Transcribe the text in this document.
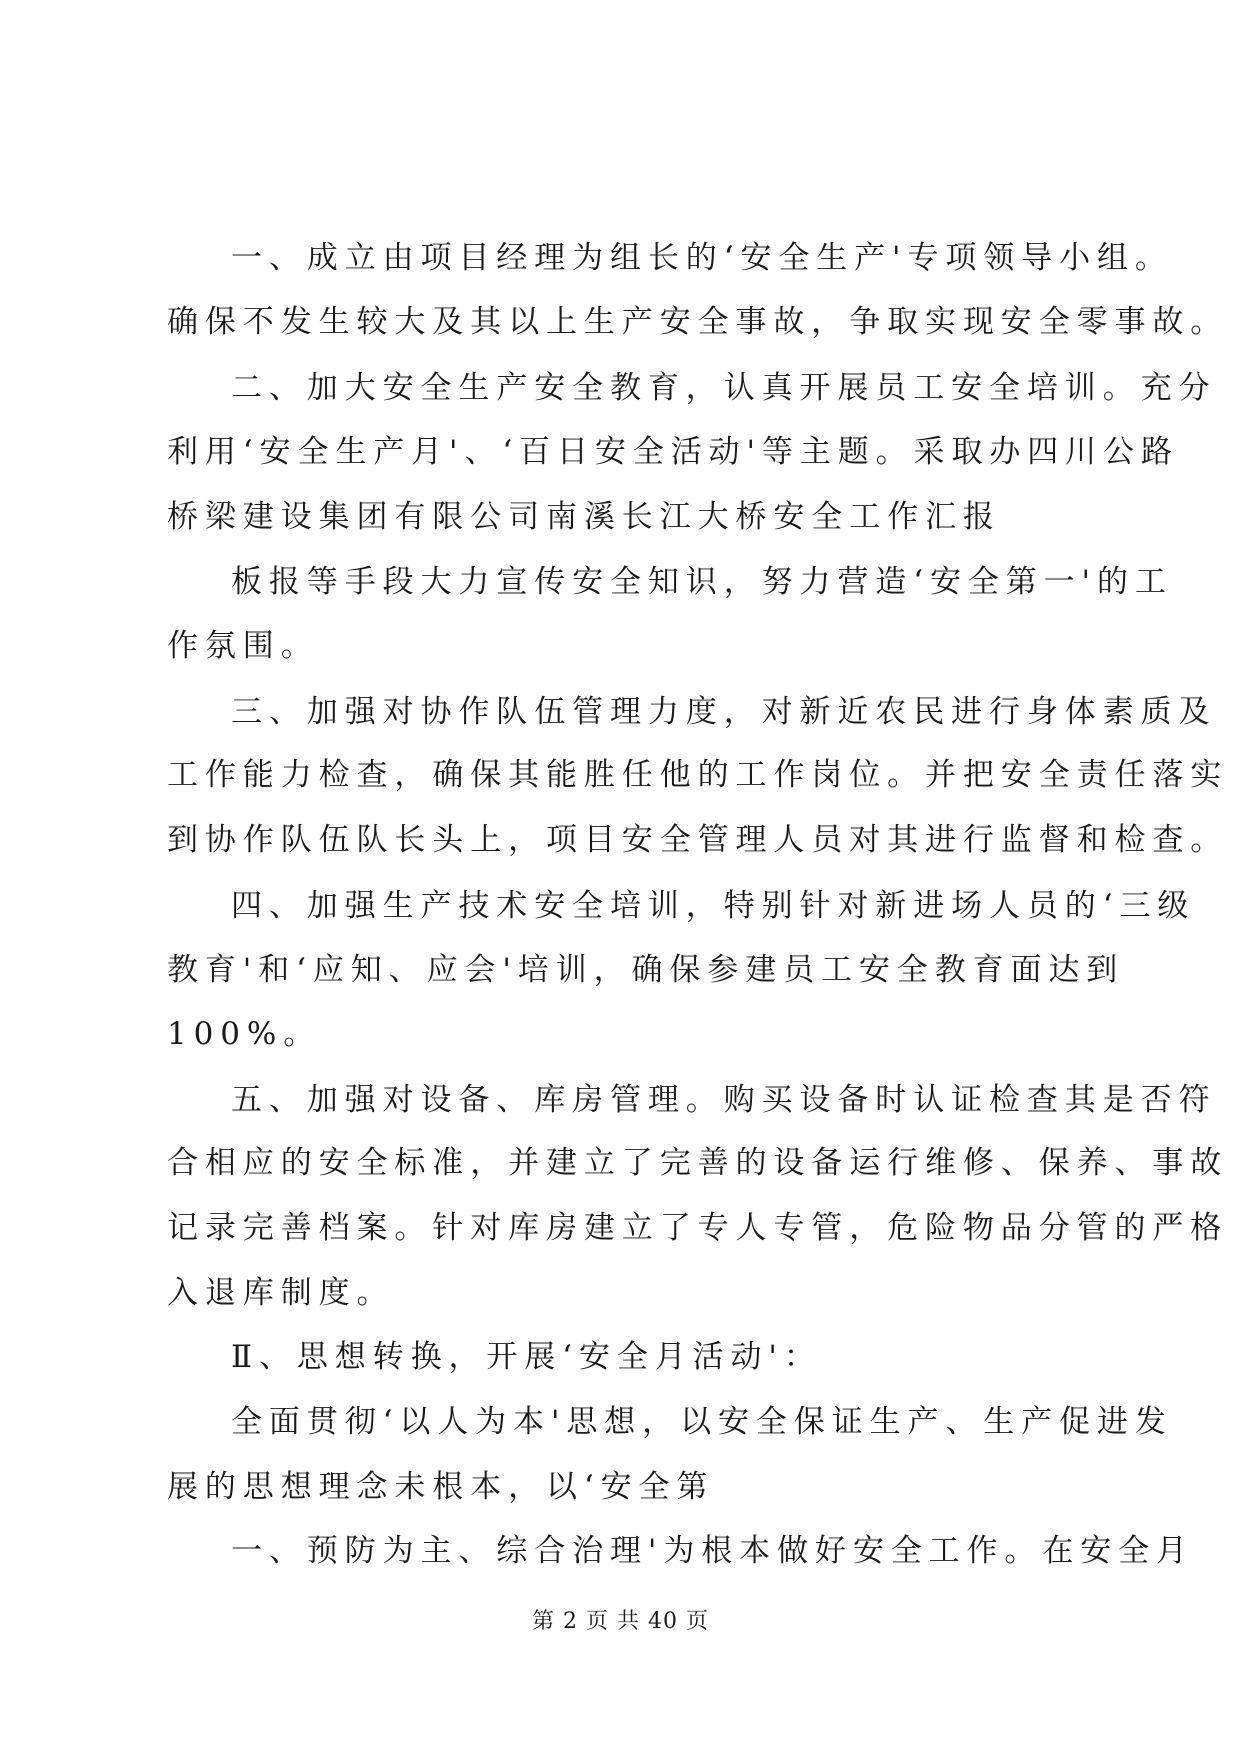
一、成立由项目经理为组长的‘安全生产'专项领导小组。
确保不发生较大及其以上生产安全事故，争取实现安全零事故。
二、加大安全生产安全教育，认真开展员工安全培训。充分
利用‘安全生产月'、‘百日安全活动'等主题。采取办四川公路
桥梁建设集团有限公司南溪长江大桥安全工作汇报
板报等手段大力宣传安全知识，努力营造‘安全第一'的工
作氛围。
三、加强对协作队伍管理力度，对新近农民进行身体素质及
工作能力检查，确保其能胜任他的工作岗位。并把安全责任落实
到协作队伍队长头上，项目安全管理人员对其进行监督和检查。
四、加强生产技术安全培训，特别针对新进场人员的‘三级
教育'和‘应知、应会'培训，确保参建员工安全教育面达到
100%。
五、加强对设备、库房管理。购买设备时认证检查其是否符
合相应的安全标准，并建立了完善的设备运行维修、保养、事故
记录完善档案。针对库房建立了专人专管，危险物品分管的严格
入退库制度。
Ⅱ、思想转换，开展‘安全月活动'：
全面贯彻‘以人为本'思想，以安全保证生产、生产促进发
展的思想理念未根本，以‘安全第
一、预防为主、综合治理'为根本做好安全工作。在安全月
第 2 页 共 40 页
